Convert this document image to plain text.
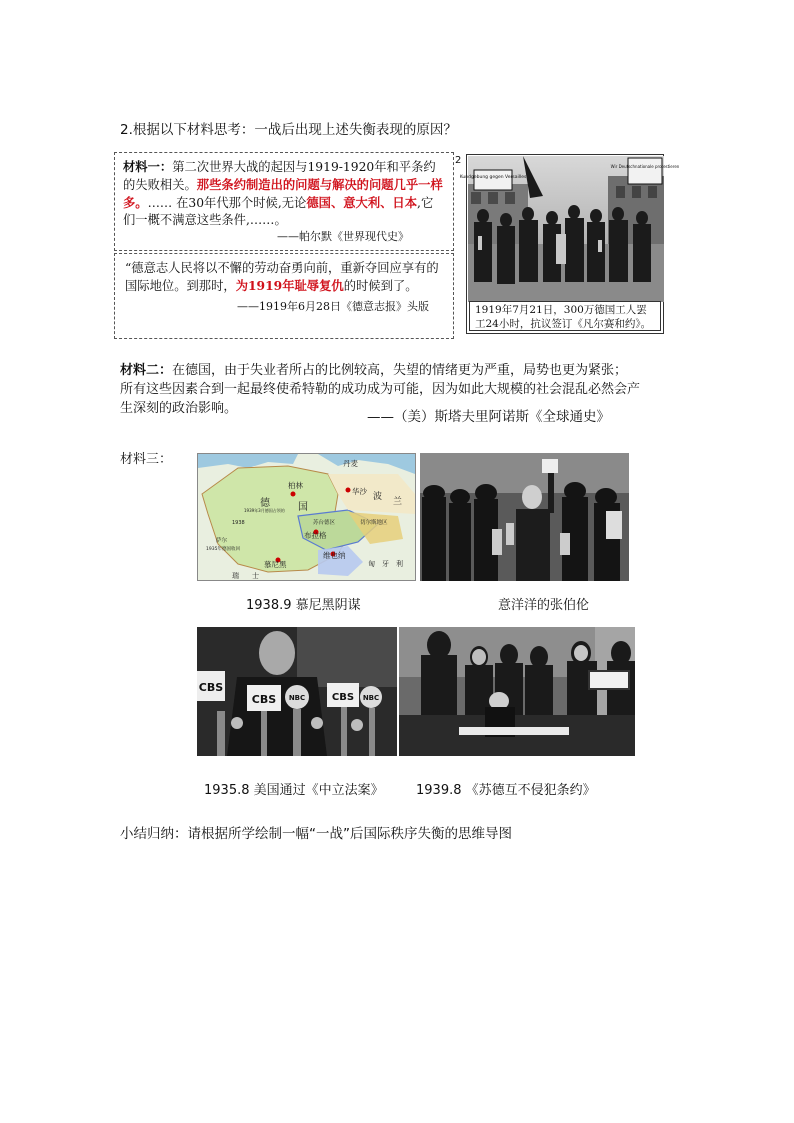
2.根据以下材料思考：一战后出现上述失衡表现的原因？
材料一：第二次世界大战的起因与1919-1920年和平条约的失败相关。那些条约制造出的问题与解决的问题几乎一样多。…… 在30年代那个时候,无论德国、意大利、日本,它们一概不满意这些条件,……。
——帕尔默《世界现代史》
2
“德意志人民将以不懈的劳动奋勇向前，重新夺回应享有的国际地位。到那时，为1919年耻辱复仇的时候到了。
——1919年6月28日《德意志报》头版
Kundgebung gegen Versailles
Wir Deutschnationale protestieren
1919年7月21日，300万德国工人罢工24小时，抗议签订《凡尔赛和约》。
材料二：在德国，由于失业者所占的比例较高，失望的情绪更为严重，局势也更为紧张；所有这些因素合到一起最终使希特勒的成功成为可能，因为如此大规模的社会混乱必然会产生深刻的政治影响。
——（美）斯塔夫里阿诺斯《全球通史》
材料三：	丹麦
柏林
德	国
华沙
波 兰
1938
1939年3月德国占领的
布拉格
切尔斯地区
苏台德区
维也纳
慕尼黑
萨尔
1935年德国收回
瑞 士
匈 牙 利
1938.9 慕尼黑阴谋	意洋洋的张伯伦
CBS
CBS	CBS
NBC	NBC
1935.8 美国通过《中立法案》 1939.8 《苏德互不侵犯条约》
小结归纳：请根据所学绘制一幅“一战”后国际秩序失衡的思维导图
